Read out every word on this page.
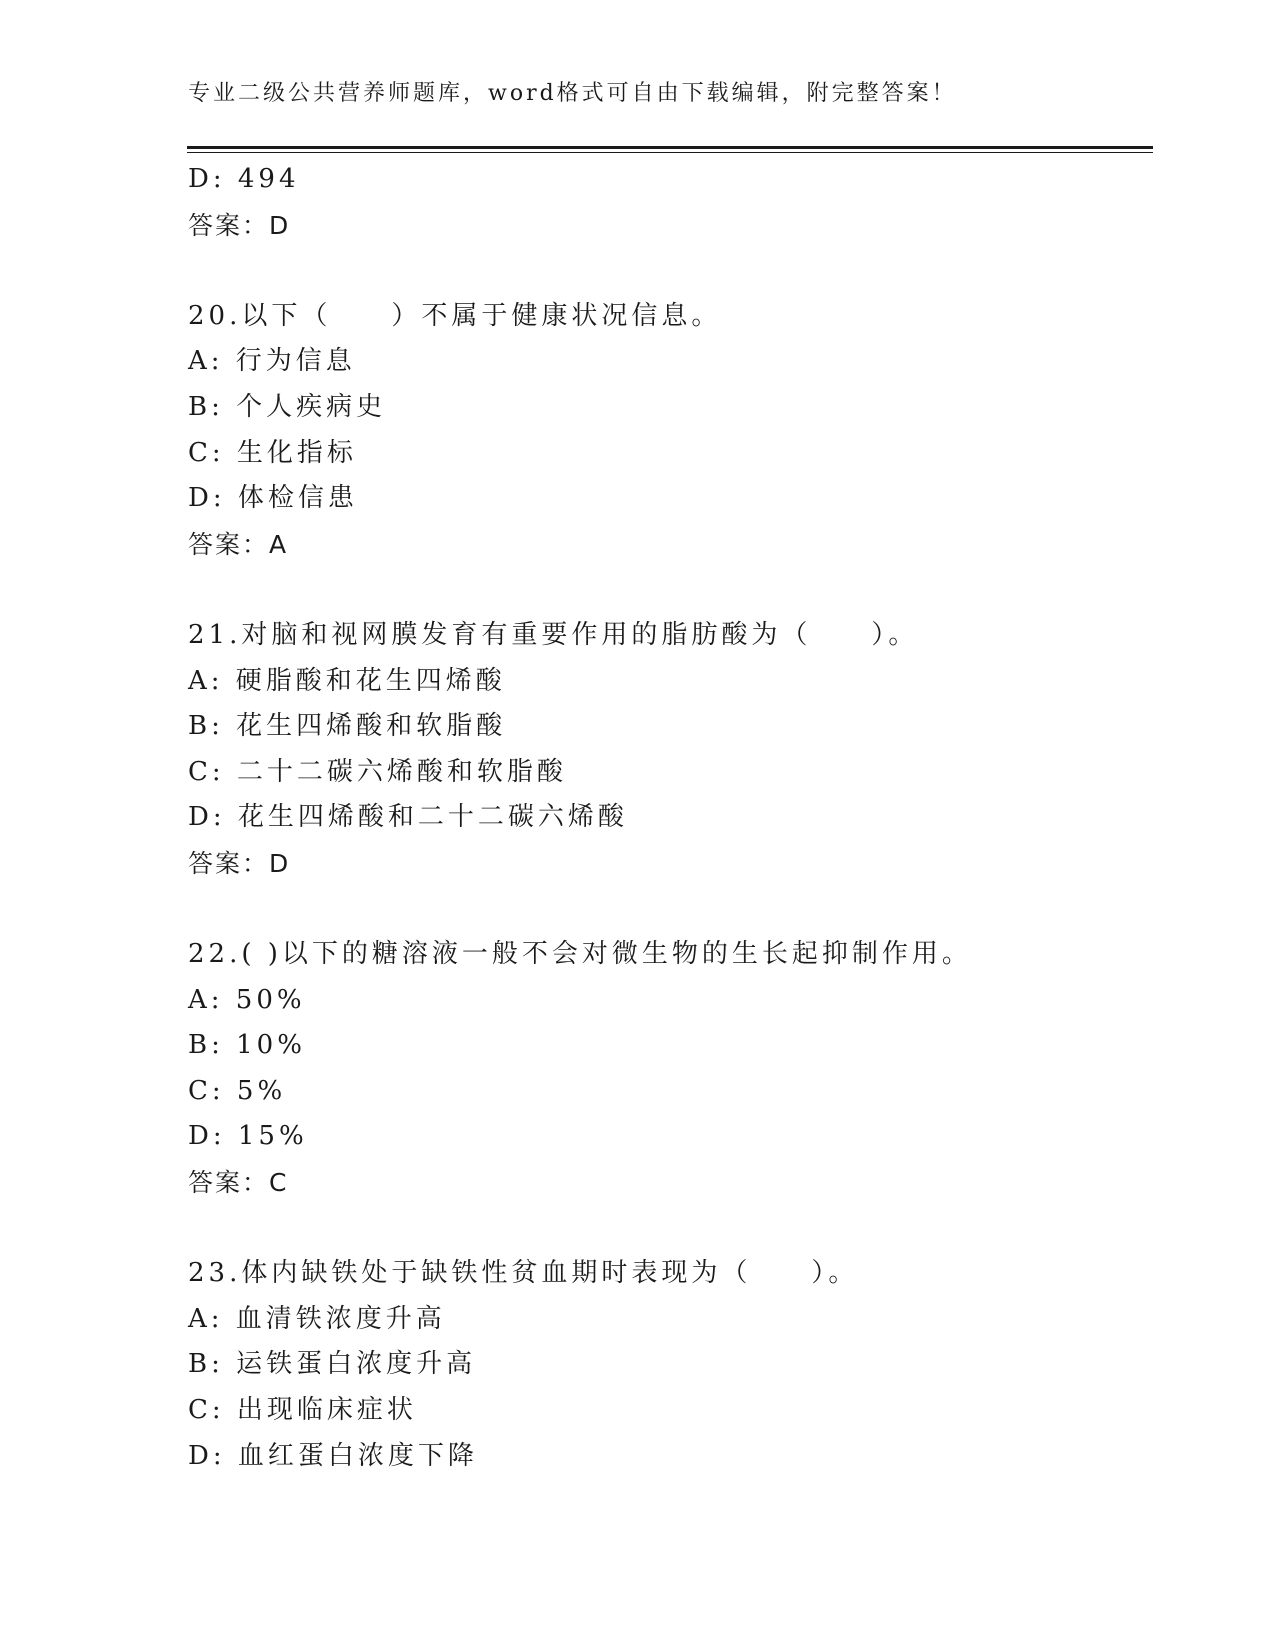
专业二级公共营养师题库，word格式可自由下载编辑，附完整答案！
D: 494
答案：D
20.以下（　　）不属于健康状况信息。
A: 行为信息
B: 个人疾病史
C: 生化指标
D: 体检信患
答案：A
21.对脑和视网膜发育有重要作用的脂肪酸为（　　）。
A: 硬脂酸和花生四烯酸
B: 花生四烯酸和软脂酸
C: 二十二碳六烯酸和软脂酸
D: 花生四烯酸和二十二碳六烯酸
答案：D
22.( )以下的糖溶液一般不会对微生物的生长起抑制作用。
A: 50%
B: 10%
C: 5%
D: 15%
答案：C
23.体内缺铁处于缺铁性贫血期时表现为（　　）。
A: 血清铁浓度升高
B: 运铁蛋白浓度升高
C: 出现临床症状
D: 血红蛋白浓度下降
